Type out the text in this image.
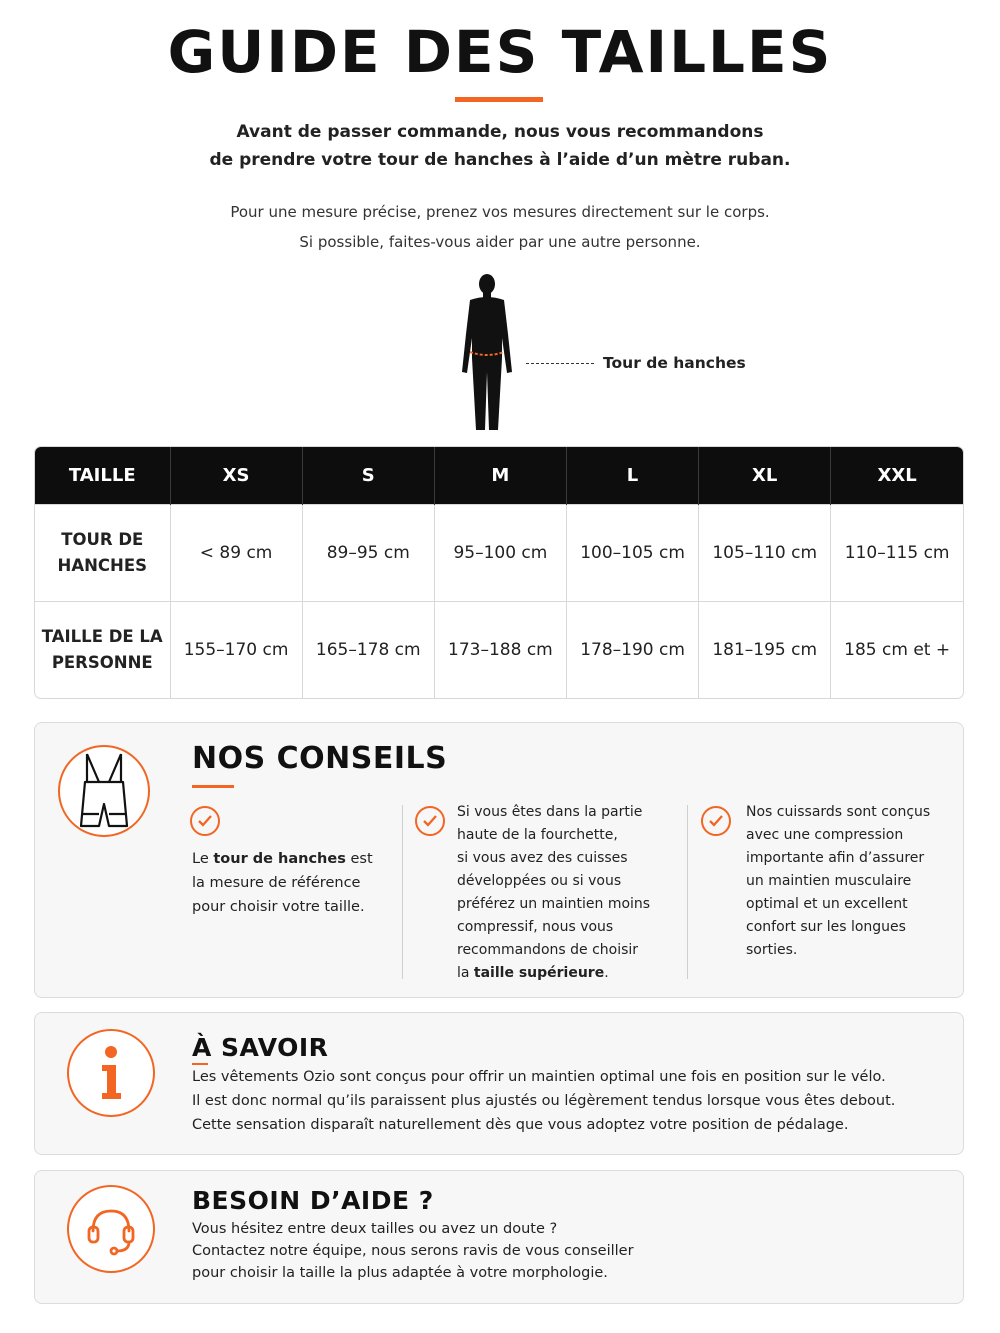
GUIDE DES TAILLES
Avant de passer commande, nous vous recommandons
de prendre votre tour de hanches à l’aide d’un mètre ruban.
Pour une mesure précise, prenez vos mesures directement sur le corps.
Si possible, faites-vous aider par une autre personne.
Tour de hanches
TAILLE	XS	S	M	L	XL	XXL

TOUR DE
HANCHES	< 89 cm	89–95 cm	95–100 cm	100–105 cm	105–110 cm	110–115 cm

TAILLE DE LA
PERSONNE	155–170 cm	165–178 cm	173–188 cm	178–190 cm	181–195 cm	185 cm et +
NOS CONSEILS
Le tour de hanches est
la mesure de référence
pour choisir votre taille.
Si vous êtes dans la partie
haute de la fourchette,
si vous avez des cuisses
développées ou si vous
préférez un maintien moins
compressif, nous vous
recommandons de choisir
la taille supérieure.
Nos cuissards sont conçus
avec une compression
importante afin d’assurer
un maintien musculaire
optimal et un excellent
confort sur les longues
sorties.
À SAVOIR
Les vêtements Ozio sont conçus pour offrir un maintien optimal une fois en position sur le vélo.
Il est donc normal qu’ils paraissent plus ajustés ou légèrement tendus lorsque vous êtes debout.
Cette sensation disparaît naturellement dès que vous adoptez votre position de pédalage.
BESOIN D’AIDE ?
Vous hésitez entre deux tailles ou avez un doute ?
Contactez notre équipe, nous serons ravis de vous conseiller
pour choisir la taille la plus adaptée à votre morphologie.
